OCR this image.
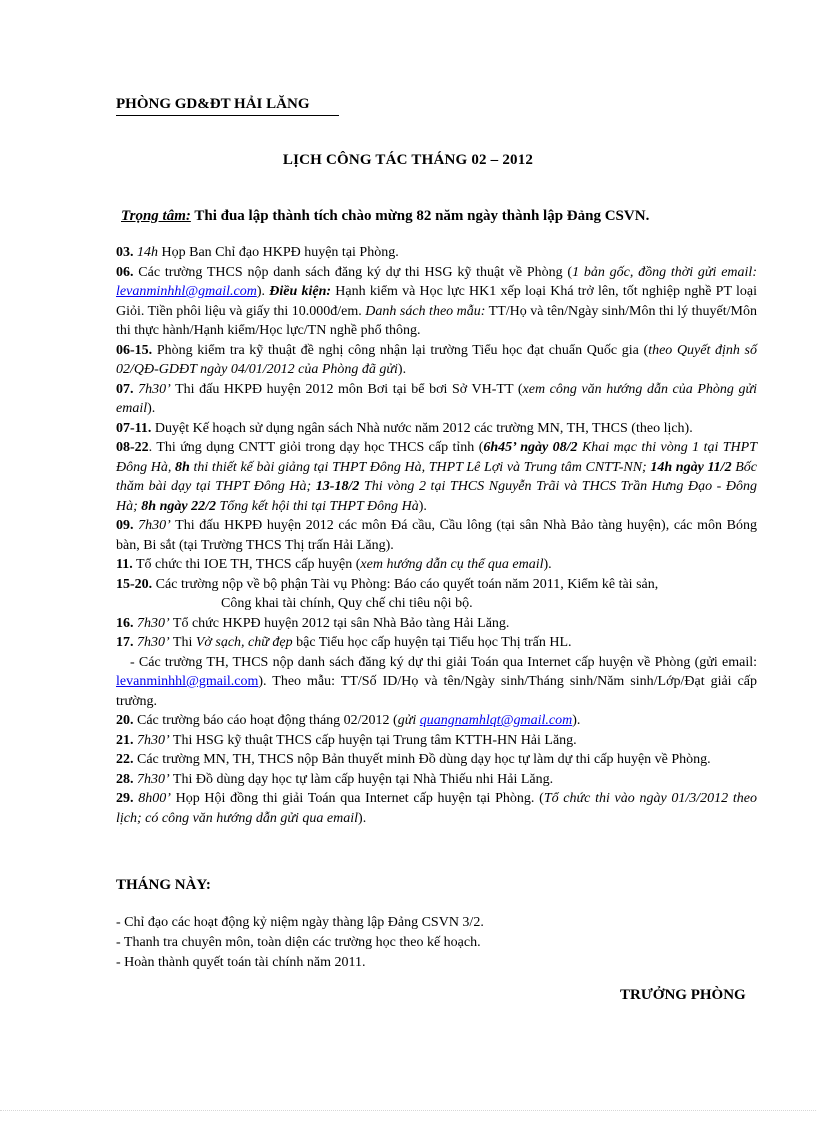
PHÒNG GD&ĐT HẢI LĂNG
LỊCH CÔNG TÁC THÁNG 02 – 2012
Trọng tâm: Thi đua lập thành tích chào mừng 82 năm ngày thành lập Đảng CSVN.

03. 14h Họp Ban Chỉ đạo HKPĐ huyện tại Phòng.

06. Các trường THCS nộp danh sách đăng ký dự thi HSG kỹ thuật về Phòng (1 bản gốc, đồng thời gửi email: levanminhhl@gmail.com). Điều kiện: Hạnh kiểm và Học lực HK1 xếp loại Khá trở lên, tốt nghiệp nghề PT loại Giỏi. Tiền phôi liệu và giấy thi 10.000đ/em. Danh sách theo mẫu: TT/Họ và tên/Ngày sinh/Môn thi lý thuyết/Môn thi thực hành/Hạnh kiểm/Học lực/TN nghề phổ thông.

06-15. Phòng kiểm tra kỹ thuật đề nghị công nhận lại trường Tiểu học đạt chuẩn Quốc gia (theo Quyết định số 02/QĐ-GDĐT ngày 04/01/2012 của Phòng đã gửi).

07. 7h30’ Thi đấu HKPĐ huyện 2012 môn Bơi tại bể bơi Sở VH-TT (xem công văn hướng dẫn của Phòng gửi email).

07-11. Duyệt Kế hoạch sử dụng ngân sách Nhà nước năm 2012 các trường MN, TH, THCS (theo lịch).

08-22. Thi ứng dụng CNTT giỏi trong dạy học THCS cấp tỉnh (6h45’ ngày 08/2 Khai mạc thi vòng 1 tại THPT Đông Hà, 8h thi thiết kế bài giảng tại THPT Đông Hà, THPT Lê Lợi và Trung tâm CNTT-NN; 14h ngày 11/2 Bốc thăm bài dạy tại THPT Đông Hà; 13-18/2 Thi vòng 2 tại THCS Nguyễn Trãi và THCS Trần Hưng Đạo - Đông Hà; 8h ngày 22/2 Tổng kết hội thi tại THPT Đông Hà).

09. 7h30’ Thi đấu HKPĐ huyện 2012 các môn Đá cầu, Cầu lông (tại sân Nhà Bảo tàng huyện), các môn Bóng bàn, Bi sắt (tại Trường THCS Thị trấn Hải Lăng).

11. Tổ chức thi IOE TH, THCS cấp huyện (xem hướng dẫn cụ thể qua email).

15-20. Các trường nộp về bộ phận Tài vụ Phòng: Báo cáo quyết toán năm 2011, Kiểm kê tài sản,

Công khai tài chính, Quy chế chi tiêu nội bộ.

16. 7h30’ Tổ chức HKPĐ huyện 2012 tại sân Nhà Bảo tàng Hải Lăng.

17. 7h30’ Thi Vở sạch, chữ đẹp bậc Tiểu học cấp huyện tại Tiểu học Thị trấn HL.

- Các trường TH, THCS nộp danh sách đăng ký dự thi giải Toán qua Internet cấp huyện về Phòng (gửi email: levanminhhl@gmail.com). Theo mẫu: TT/Số ID/Họ và tên/Ngày sinh/Tháng sinh/Năm sinh/Lớp/Đạt giải cấp trường.

20. Các trường báo cáo hoạt động tháng 02/2012 (gửi quangnamhlqt@gmail.com).

21. 7h30’ Thi HSG kỹ thuật THCS cấp huyện tại Trung tâm KTTH-HN Hải Lăng.

22. Các trường MN, TH, THCS nộp Bản thuyết minh Đồ dùng dạy học tự làm dự thi cấp huyện về Phòng.

28. 7h30’ Thi Đồ dùng dạy học tự làm cấp huyện tại Nhà Thiếu nhi Hải Lăng.

29. 8h00’ Họp Hội đồng thi giải Toán qua Internet cấp huyện tại Phòng. (Tổ chức thi vào ngày 01/3/2012 theo lịch; có công văn hướng dẫn gửi qua email).

THÁNG NÀY:
- Chỉ đạo các hoạt động kỷ niệm ngày thàng lập Đảng CSVN 3/2.
- Thanh tra chuyên môn, toàn diện các trường học theo kế hoạch.
- Hoàn thành quyết toán tài chính năm 2011.
TRƯỞNG PHÒNG
